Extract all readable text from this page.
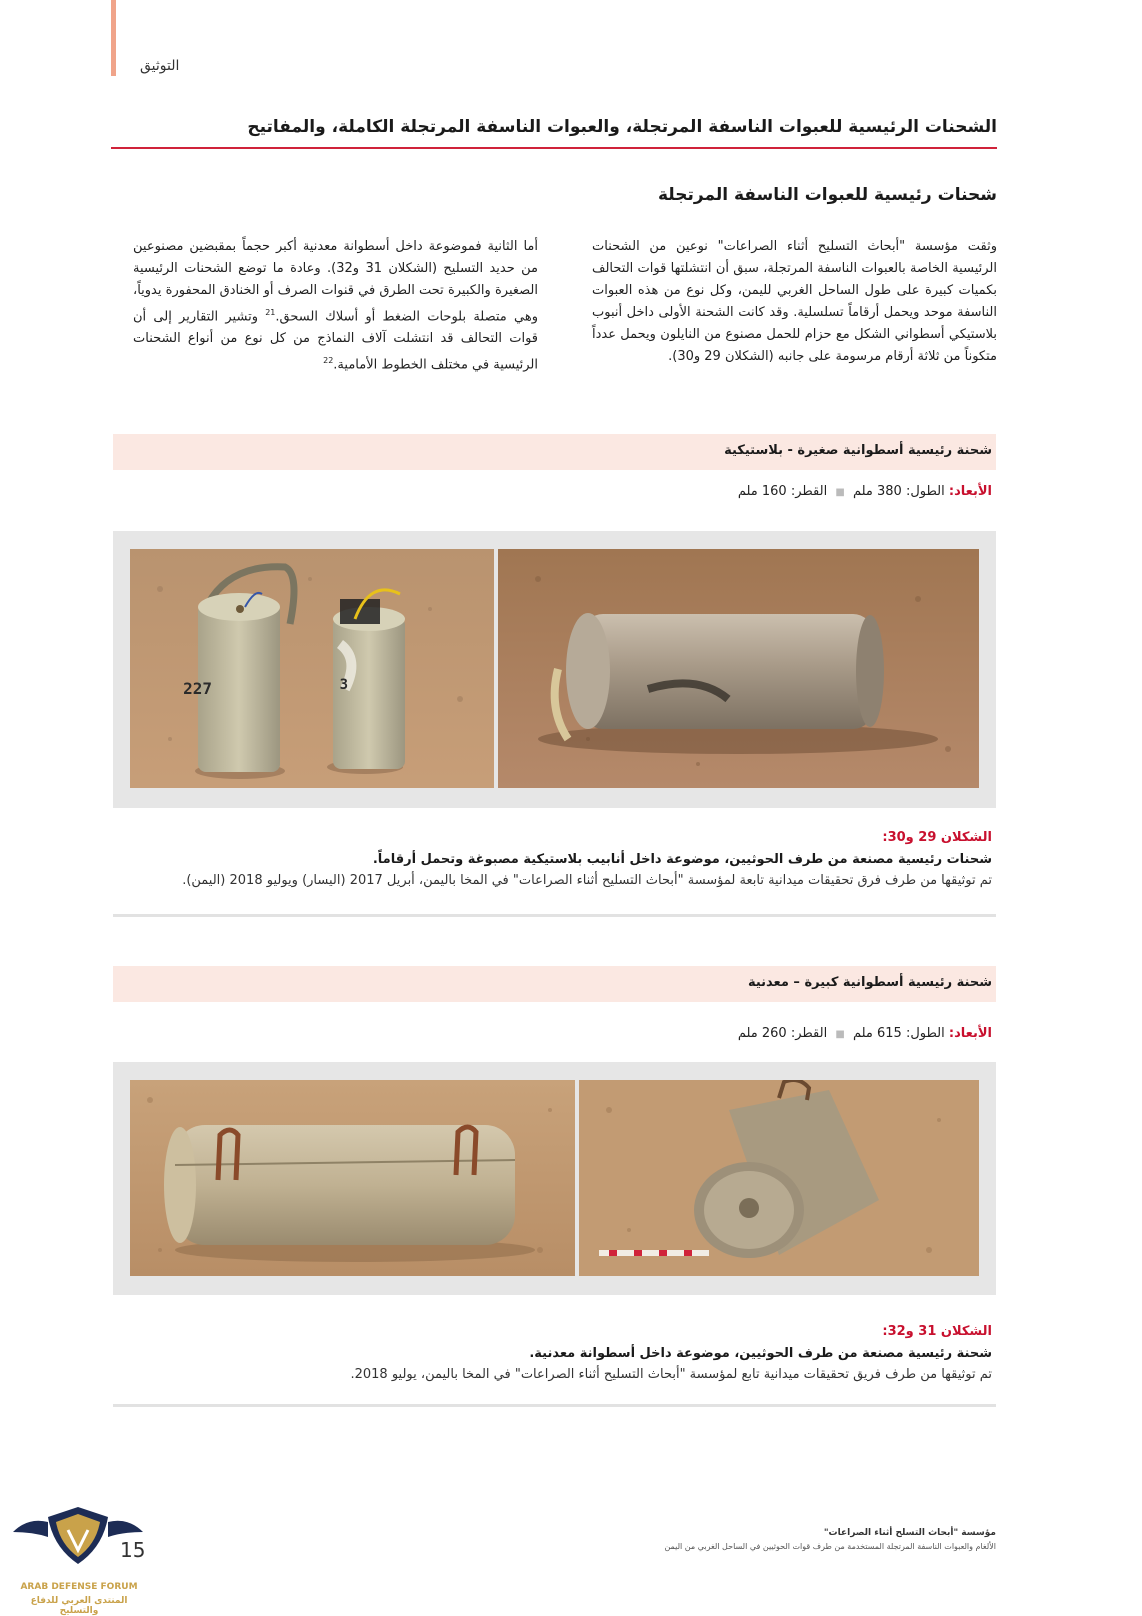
التوثيق
الشحنات الرئيسية للعبوات الناسفة المرتجلة، والعبوات الناسفة المرتجلة الكاملة، والمفاتيح
شحنات رئيسية للعبوات الناسفة المرتجلة
وثقت مؤسسة "أبحاث التسليح أثناء الصراعات" نوعين من الشحنات الرئيسية الخاصة بالعبوات الناسفة المرتجلة، سبق أن انتشلتها قوات التحالف بكميات كبيرة على طول الساحل الغربي لليمن، وكل نوع من هذه العبوات الناسفة موحد ويحمل أرقاماً تسلسلية. وقد كانت الشحنة الأولى داخل أنبوب بلاستيكي أسطواني الشكل مع حزام للحمل مصنوع من النايلون ويحمل عدداً متكوناً من ثلاثة أرقام مرسومة على جانبه (الشكلان 29 و30).
أما الثانية فموضوعة داخل أسطوانة معدنية أكبر حجماً بمقبضين مصنوعين من حديد التسليح (الشكلان 31 و32). وعادة ما توضع الشحنات الرئيسية الصغيرة والكبيرة تحت الطرق في قنوات الصرف أو الخنادق المحفورة يدوياً، وهي متصلة بلوحات الضغط أو أسلاك السحق.$^{21}$ وتشير التقارير إلى أن قوات التحالف قد انتشلت آلاف النماذج من كل نوع من أنواع الشحنات الرئيسية في مختلف الخطوط الأمامية.$^{22}$
شحنة رئيسية أسطوانية صغيرة - بلاستيكية
الأبعاد: الطول: 380 ملم ■ القطر: 160 ملم
227	3
الشكلان 29 و30:
شحنات رئيسية مصنعة من طرف الحوثيين، موضوعة داخل أنابيب بلاستيكية مصبوغة وتحمل أرقاماً.
تم توثيقها من طرف فرق تحقيقات ميدانية تابعة لمؤسسة "أبحاث التسليح أثناء الصراعات" في المخا باليمن، أبريل 2017 (اليسار) ويوليو 2018 (اليمن).
شحنة رئيسية أسطوانية كبيرة – معدنية
الأبعاد: الطول: 615 ملم ■ القطر: 260 ملم
الشكلان 31 و32:
شحنة رئيسية مصنعة من طرف الحوثيين، موضوعة داخل أسطوانة معدنية.
تم توثيقها من طرف فريق تحقيقات ميدانية تابع لمؤسسة "أبحاث التسليح أثناء الصراعات" في المخا باليمن، يوليو 2018.
15
ARAB DEFENSE FORUM
المنتدى العربي للدفاع والتسليح
مؤسسة "أبحاث التسلح أثناء الصراعات"
الألغام والعبوات الناسفة المرتجلة المستخدمة من طرف قوات الحوثيين في الساحل الغربي من اليمن
